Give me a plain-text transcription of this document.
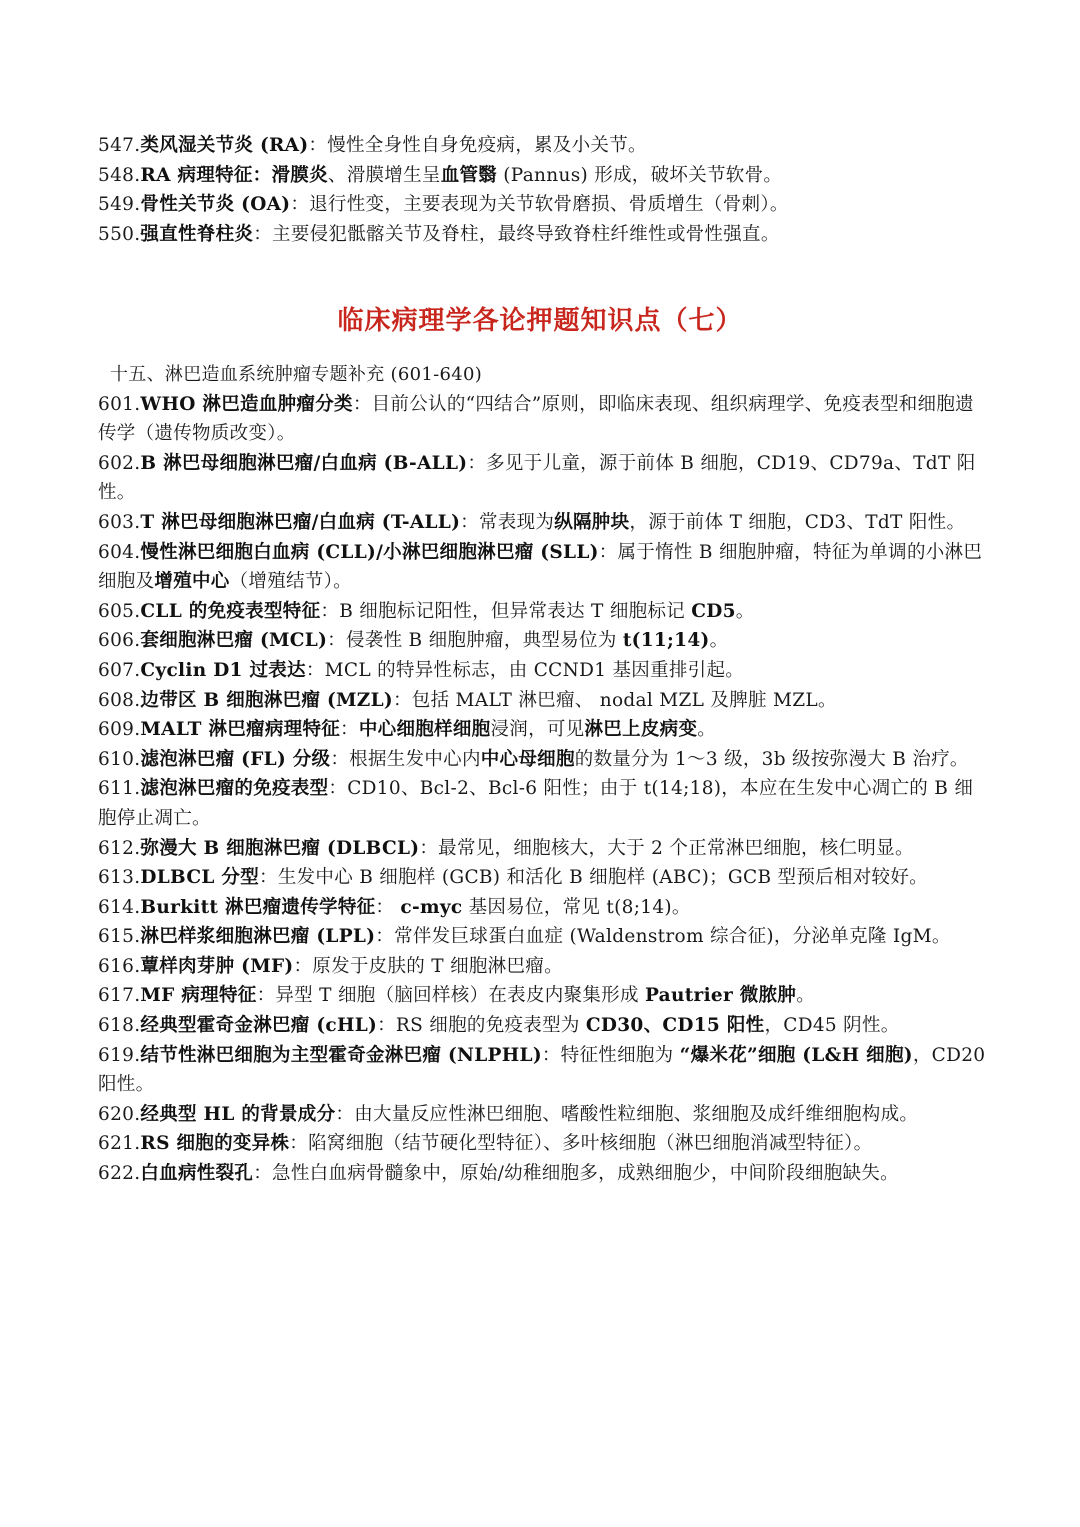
547.类风湿关节炎 (RA)：慢性全身性自身免疫病，累及小关节。
548.RA 病理特征：滑膜炎、滑膜增生呈血管翳 (Pannus) 形成，破坏关节软骨。
549.骨性关节炎 (OA)：退行性变，主要表现为关节软骨磨损、骨质增生（骨刺）。
550.强直性脊柱炎：主要侵犯骶髂关节及脊柱，最终导致脊柱纤维性或骨性强直。
临床病理学各论押题知识点（七）
十五、淋巴造血系统肿瘤专题补充 (601-640)
601.WHO 淋巴造血肿瘤分类：目前公认的“四结合”原则，即临床表现、组织病理学、免疫表型和细胞遗传学（遗传物质改变）。
602.B 淋巴母细胞淋巴瘤/白血病 (B-ALL)：多见于儿童，源于前体 B 细胞，CD19、CD79a、TdT 阳性。
603.T 淋巴母细胞淋巴瘤/白血病 (T-ALL)：常表现为纵隔肿块，源于前体 T 细胞，CD3、TdT 阳性。
604.慢性淋巴细胞白血病 (CLL)/小淋巴细胞淋巴瘤 (SLL)：属于惰性 B 细胞肿瘤，特征为单调的小淋巴细胞及增殖中心（增殖结节）。
605.CLL 的免疫表型特征：B 细胞标记阳性，但异常表达 T 细胞标记 CD5。
606.套细胞淋巴瘤 (MCL)：侵袭性 B 细胞肿瘤，典型易位为 t(11;14)。
607.Cyclin D1 过表达：MCL 的特异性标志，由 CCND1 基因重排引起。
608.边带区 B 细胞淋巴瘤 (MZL)：包括 MALT 淋巴瘤、 nodal MZL 及脾脏 MZL。
609.MALT 淋巴瘤病理特征：中心细胞样细胞浸润，可见淋巴上皮病变。
610.滤泡淋巴瘤 (FL) 分级：根据生发中心内中心母细胞的数量分为 1～3 级，3b 级按弥漫大 B 治疗。
611.滤泡淋巴瘤的免疫表型：CD10、Bcl-2、Bcl-6 阳性；由于 t(14;18)，本应在生发中心凋亡的 B 细胞停止凋亡。
612.弥漫大 B 细胞淋巴瘤 (DLBCL)：最常见，细胞核大，大于 2 个正常淋巴细胞，核仁明显。
613.DLBCL 分型：生发中心 B 细胞样 (GCB) 和活化 B 细胞样 (ABC)；GCB 型预后相对较好。
614.Burkitt 淋巴瘤遗传学特征： c-myc 基因易位，常见 t(8;14)。
615.淋巴样浆细胞淋巴瘤 (LPL)：常伴发巨球蛋白血症 (Waldenstrom 综合征)，分泌单克隆 IgM。
616.蕈样肉芽肿 (MF)：原发于皮肤的 T 细胞淋巴瘤。
617.MF 病理特征：异型 T 细胞（脑回样核）在表皮内聚集形成 Pautrier 微脓肿。
618.经典型霍奇金淋巴瘤 (cHL)：RS 细胞的免疫表型为 CD30、CD15 阳性，CD45 阴性。
619.结节性淋巴细胞为主型霍奇金淋巴瘤 (NLPHL)：特征性细胞为 “爆米花”细胞 (L&H 细胞)，CD20 阳性。
620.经典型 HL 的背景成分：由大量反应性淋巴细胞、嗜酸性粒细胞、浆细胞及成纤维细胞构成。
621.RS 细胞的变异株：陷窝细胞（结节硬化型特征）、多叶核细胞（淋巴细胞消减型特征）。
622.白血病性裂孔：急性白血病骨髓象中，原始/幼稚细胞多，成熟细胞少，中间阶段细胞缺失。
